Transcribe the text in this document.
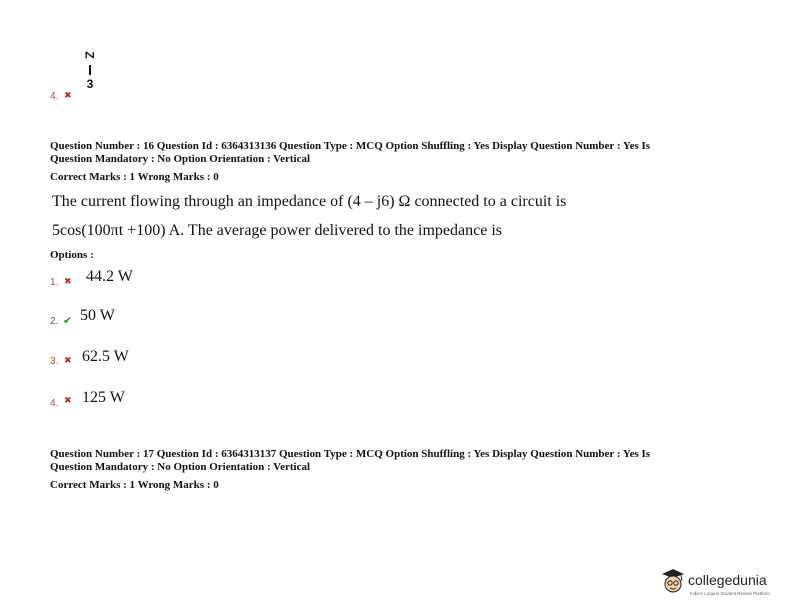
4. ✖
Z
3
Question Number : 16 Question Id : 6364313136 Question Type : MCQ Option Shuffling : Yes Display Question Number : Yes Is
Question Mandatory : No Option Orientation : Vertical
Correct Marks : 1 Wrong Marks : 0
The current flowing through an impedance of (4 – j6) Ω connected to a circuit is
5cos(100πt +100) A. The average power delivered to the impedance is
Options :
1. ✖ 44.2 W
2. ✔ 50 W
3. ✖ 62.5 W
4. ✖ 125 W
Question Number : 17 Question Id : 6364313137 Question Type : MCQ Option Shuffling : Yes Display Question Number : Yes Is
Question Mandatory : No Option Orientation : Vertical
Correct Marks : 1 Wrong Marks : 0
collegedunia
India's Largest Student Review Platform
